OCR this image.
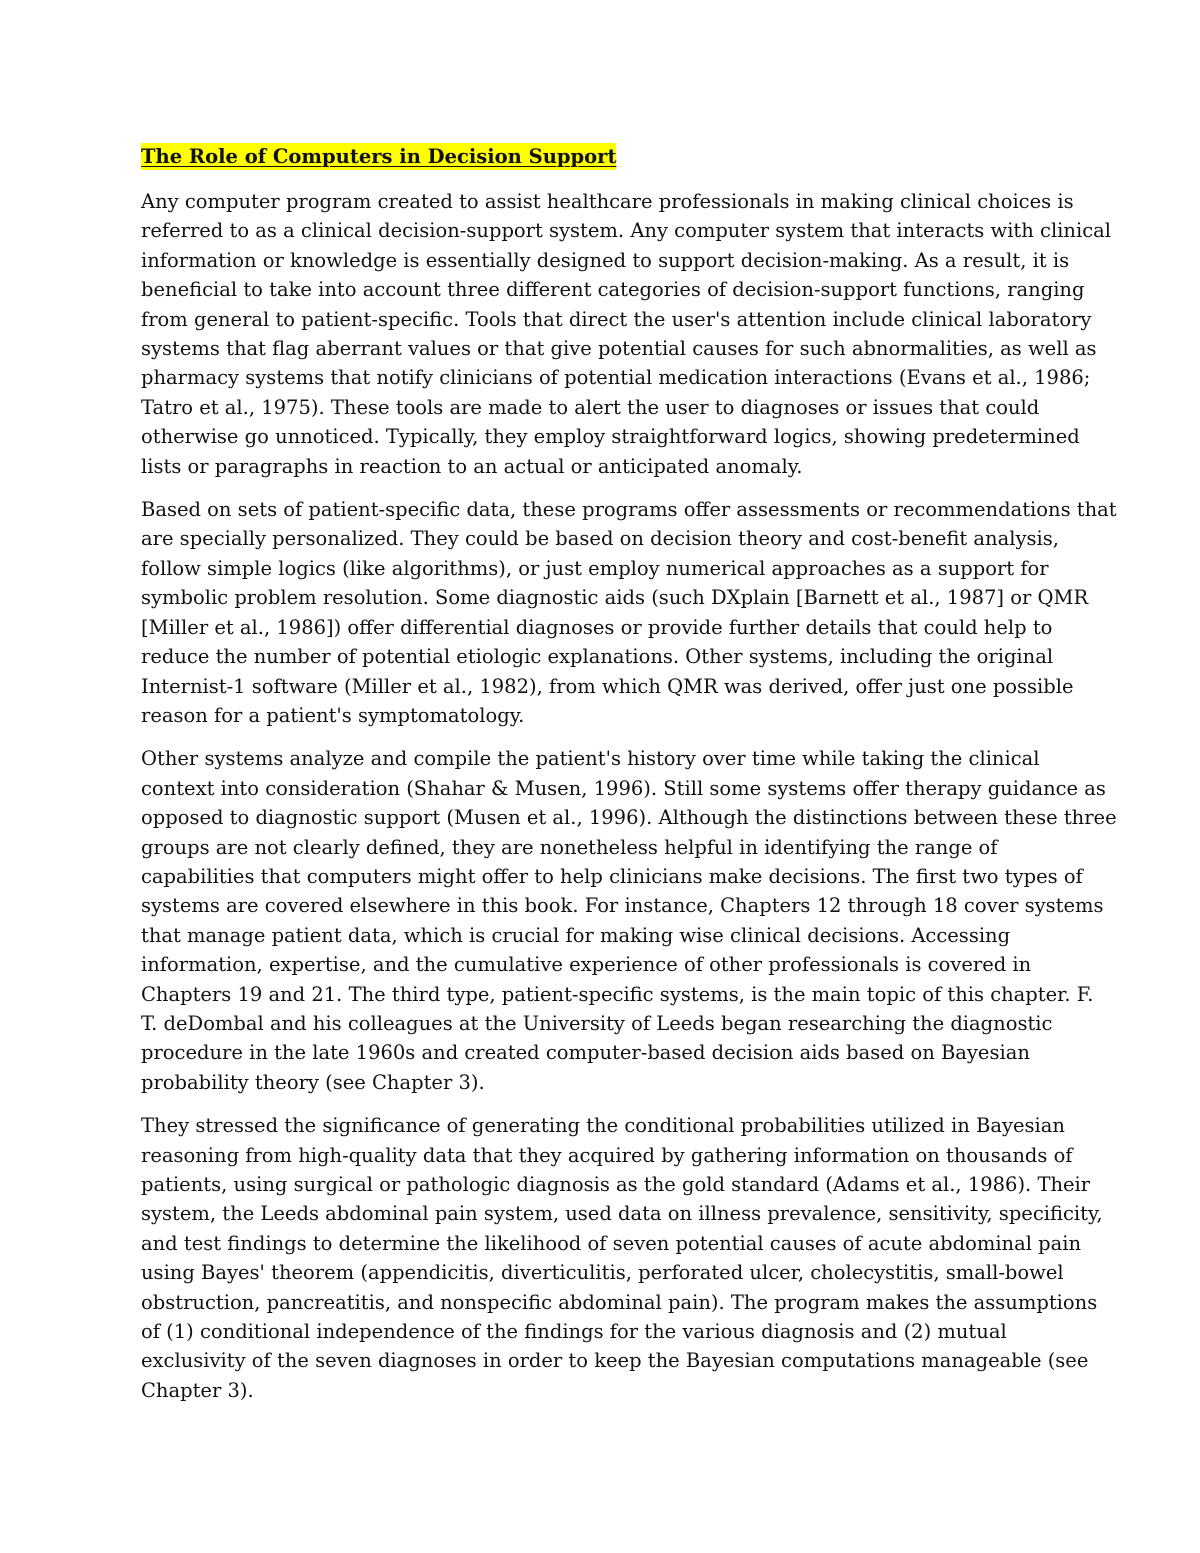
The Role of Computers in Decision Support

Any computer program created to assist healthcare professionals in making clinical choices is
referred to as a clinical decision-support system. Any computer system that interacts with clinical
information or knowledge is essentially designed to support decision-making. As a result, it is
beneficial to take into account three different categories of decision-support functions, ranging
from general to patient-specific. Tools that direct the user's attention include clinical laboratory
systems that flag aberrant values or that give potential causes for such abnormalities, as well as
pharmacy systems that notify clinicians of potential medication interactions (Evans et al., 1986;
Tatro et al., 1975). These tools are made to alert the user to diagnoses or issues that could
otherwise go unnoticed. Typically, they employ straightforward logics, showing predetermined
lists or paragraphs in reaction to an actual or anticipated anomaly.

Based on sets of patient-specific data, these programs offer assessments or recommendations that
are specially personalized. They could be based on decision theory and cost-benefit analysis,
follow simple logics (like algorithms), or just employ numerical approaches as a support for
symbolic problem resolution. Some diagnostic aids (such DXplain [Barnett et al., 1987] or QMR
[Miller et al., 1986]) offer differential diagnoses or provide further details that could help to
reduce the number of potential etiologic explanations. Other systems, including the original
Internist-1 software (Miller et al., 1982), from which QMR was derived, offer just one possible
reason for a patient's symptomatology.

Other systems analyze and compile the patient's history over time while taking the clinical
context into consideration (Shahar & Musen, 1996). Still some systems offer therapy guidance as
opposed to diagnostic support (Musen et al., 1996). Although the distinctions between these three
groups are not clearly defined, they are nonetheless helpful in identifying the range of
capabilities that computers might offer to help clinicians make decisions. The first two types of
systems are covered elsewhere in this book. For instance, Chapters 12 through 18 cover systems
that manage patient data, which is crucial for making wise clinical decisions. Accessing
information, expertise, and the cumulative experience of other professionals is covered in
Chapters 19 and 21. The third type, patient-specific systems, is the main topic of this chapter. F.
T. deDombal and his colleagues at the University of Leeds began researching the diagnostic
procedure in the late 1960s and created computer-based decision aids based on Bayesian
probability theory (see Chapter 3).

They stressed the significance of generating the conditional probabilities utilized in Bayesian
reasoning from high-quality data that they acquired by gathering information on thousands of
patients, using surgical or pathologic diagnosis as the gold standard (Adams et al., 1986). Their
system, the Leeds abdominal pain system, used data on illness prevalence, sensitivity, specificity,
and test findings to determine the likelihood of seven potential causes of acute abdominal pain
using Bayes' theorem (appendicitis, diverticulitis, perforated ulcer, cholecystitis, small-bowel
obstruction, pancreatitis, and nonspecific abdominal pain). The program makes the assumptions
of (1) conditional independence of the findings for the various diagnosis and (2) mutual
exclusivity of the seven diagnoses in order to keep the Bayesian computations manageable (see
Chapter 3).
